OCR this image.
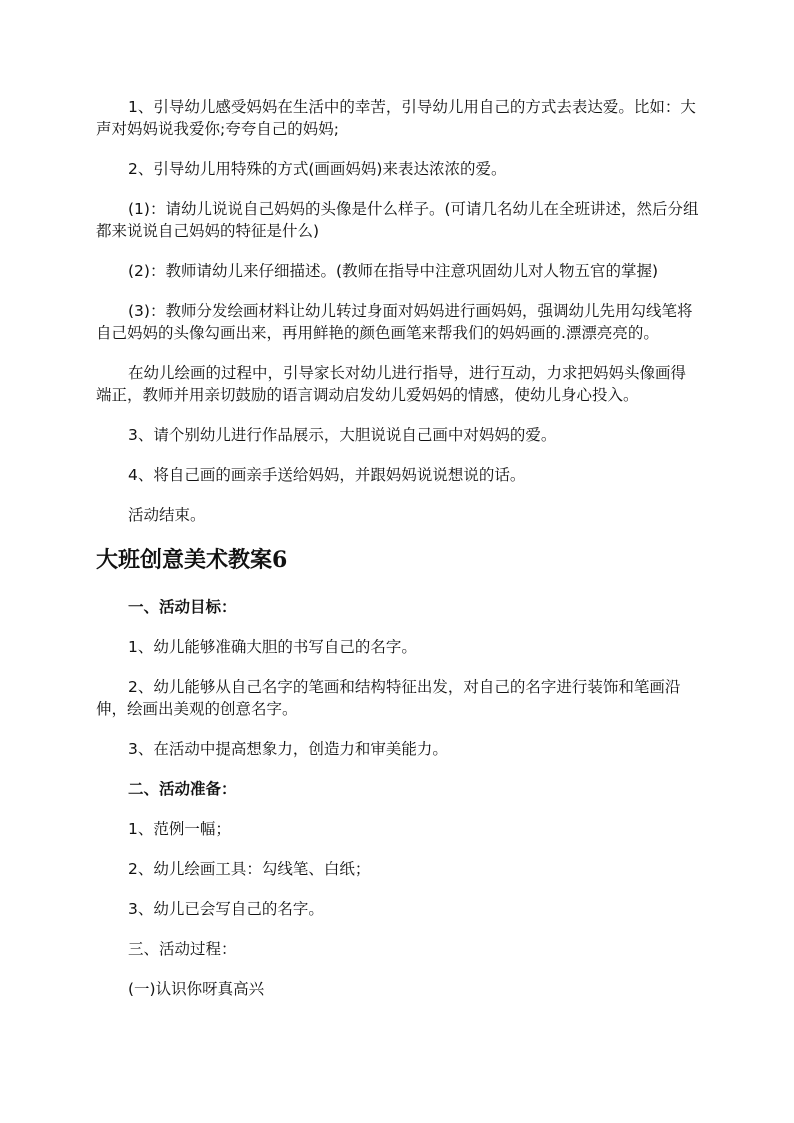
1、引导幼儿感受妈妈在生活中的幸苦，引导幼儿用自己的方式去表达爱。比如：大声对妈妈说我爱你;夸夸自己的妈妈;

2、引导幼儿用特殊的方式(画画妈妈)来表达浓浓的爱。

(1)：请幼儿说说自己妈妈的头像是什么样子。(可请几名幼儿在全班讲述，然后分组都来说说自己妈妈的特征是什么)

(2)：教师请幼儿来仔细描述。(教师在指导中注意巩固幼儿对人物五官的掌握)

(3)：教师分发绘画材料让幼儿转过身面对妈妈进行画妈妈，强调幼儿先用勾线笔将自己妈妈的头像勾画出来，再用鲜艳的颜色画笔来帮我们的妈妈画的.漂漂亮亮的。

在幼儿绘画的过程中，引导家长对幼儿进行指导，进行互动，力求把妈妈头像画得端正，教师并用亲切鼓励的语言调动启发幼儿爱妈妈的情感，使幼儿身心投入。

3、请个别幼儿进行作品展示，大胆说说自己画中对妈妈的爱。

4、将自己画的画亲手送给妈妈，并跟妈妈说说想说的话。

活动结束。

大班创意美术教案6

一、活动目标：

1、幼儿能够准确大胆的书写自己的名字。

2、幼儿能够从自己名字的笔画和结构特征出发，对自己的名字进行装饰和笔画沿伸，绘画出美观的创意名字。

3、在活动中提高想象力，创造力和审美能力。

二、活动准备：

1、范例一幅；

2、幼儿绘画工具：勾线笔、白纸；

3、幼儿已会写自己的名字。

三、活动过程：

(一)认识你呀真高兴
